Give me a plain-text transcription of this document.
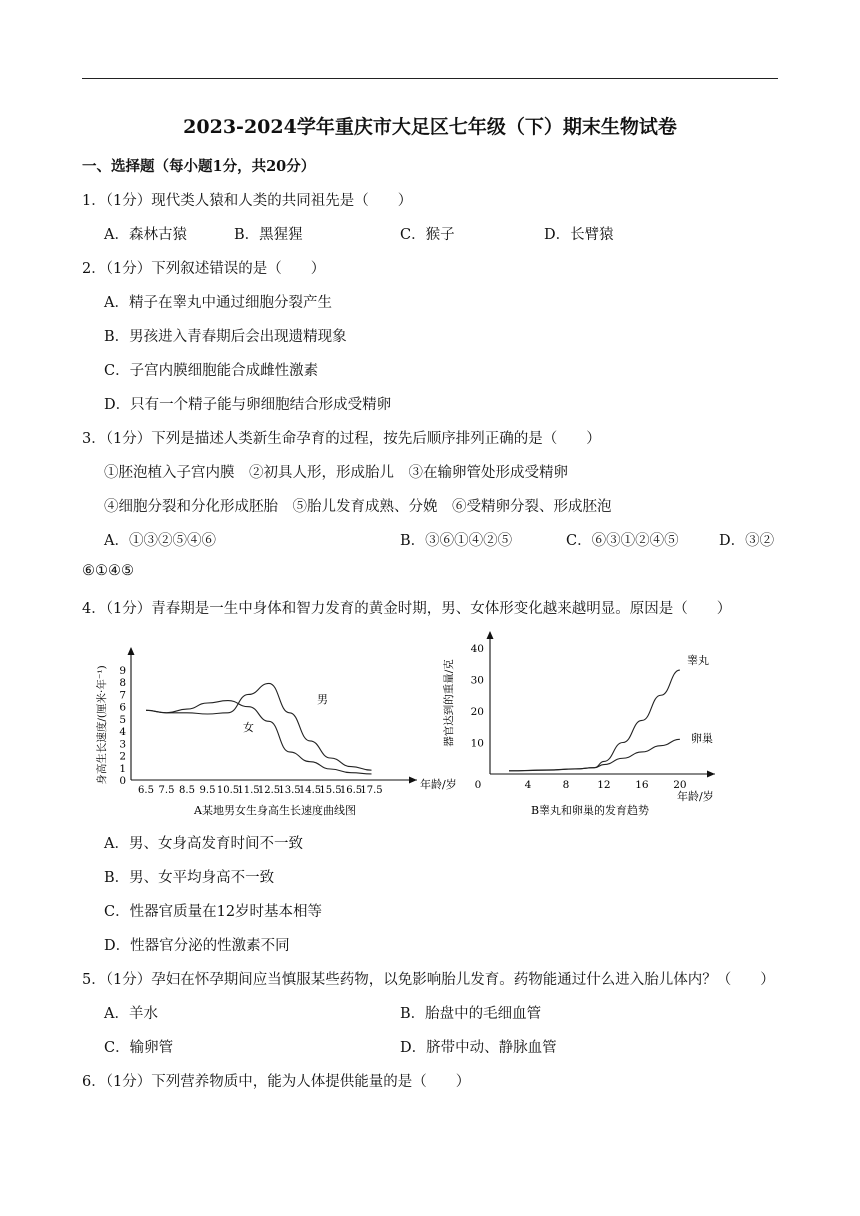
2023-2024学年重庆市大足区七年级（下）期末生物试卷
一、选择题（每小题1分，共20分）
1．（1分）现代类人猿和人类的共同祖先是（　　）
A．森林古猿	B．黑猩猩	C．猴子	D．长臂猿
2．（1分）下列叙述错误的是（　　）
A．精子在睾丸中通过细胞分裂产生
B．男孩进入青春期后会出现遗精现象
C．子宫内膜细胞能合成雌性激素
D．只有一个精子能与卵细胞结合形成受精卵
3．（1分）下列是描述人类新生命孕育的过程，按先后顺序排列正确的是（　　）
①胚泡植入子宫内膜　②初具人形，形成胎儿　③在输卵管处形成受精卵
④细胞分裂和分化形成胚胎　⑤胎儿发育成熟、分娩　⑥受精卵分裂、形成胚泡
A．①③②⑤④⑥	B．③⑥①④②⑤	C．⑥③①②④⑤	D．③②
⑥①④⑤
4．（1分）青春期是一生中身体和智力发育的黄金时期，男、女体形变化越来越明显。原因是（　　）
0
1
2
3
4
5
6
7
8
9
6.5 7.5 8.5 9.5 10.5
11.5
12.5
13.5
14.5
15.5
16.5
17.5
身高生长速度/(厘米·年⁻¹)	年龄/岁
男
女
A某地男女生身高生长速度曲线图
10
20
30
40
0	4	8	12 16 20
器官达到的重量/克
年龄/岁
睾丸
卵巢
B睾丸和卵巢的发育趋势
A．男、女身高发育时间不一致
B．男、女平均身高不一致
C．性器官质量在12岁时基本相等
D．性器官分泌的性激素不同
5．（1分）孕妇在怀孕期间应当慎服某些药物，以免影响胎儿发育。药物能通过什么进入胎儿体内？（　　）
A．羊水	B．胎盘中的毛细血管
C．输卵管	D．脐带中动、静脉血管
6．（1分）下列营养物质中，能为人体提供能量的是（　　）
